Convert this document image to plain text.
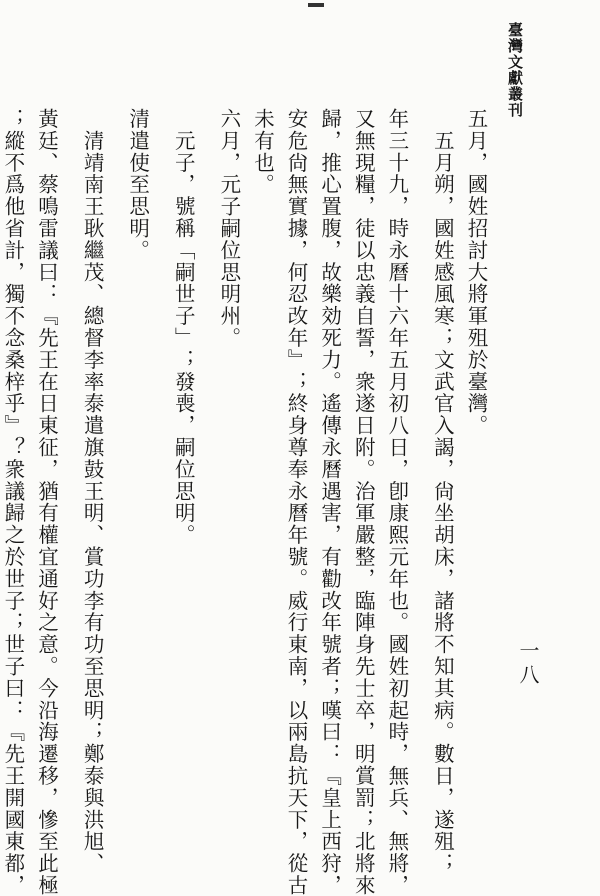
臺灣文獻叢刊
一八
五月，國姓招討大將軍殂於臺灣。
　五月朔，國姓感風寒；文武官入謁，尙坐胡床，諸將不知其病。數日，遂殂；
年三十九，時永曆十六年五月初八日，卽康熙元年也。國姓初起時，無兵、無將，
又無現糧，徒以忠義自誓，衆遂日附。治軍嚴整，臨陣身先士卒，明賞罰；北將來
歸，推心置腹，故樂効死力。遙傳永曆遇害，有勸改年號者；嘆曰：『皇上西狩，
安危尙無實據，何忍改年』；終身尊奉永曆年號。威行東南，以兩島抗天下，從古
未有也。
六月，元子嗣位思明州。
　元子，號稱「嗣世子」；發喪，嗣位思明。
清遣使至思明。
　清靖南王耿繼茂、總督李率泰遣旗鼓王明、賞功李有功至思明；鄭泰與洪旭、
黃廷、蔡鳴雷議曰：『先王在日東征，猶有權宜通好之意。今沿海遷移，慘至此極
；縱不爲他省計，獨不念桑梓乎』？衆議歸之於世子；世子曰：『先王開國東都，
